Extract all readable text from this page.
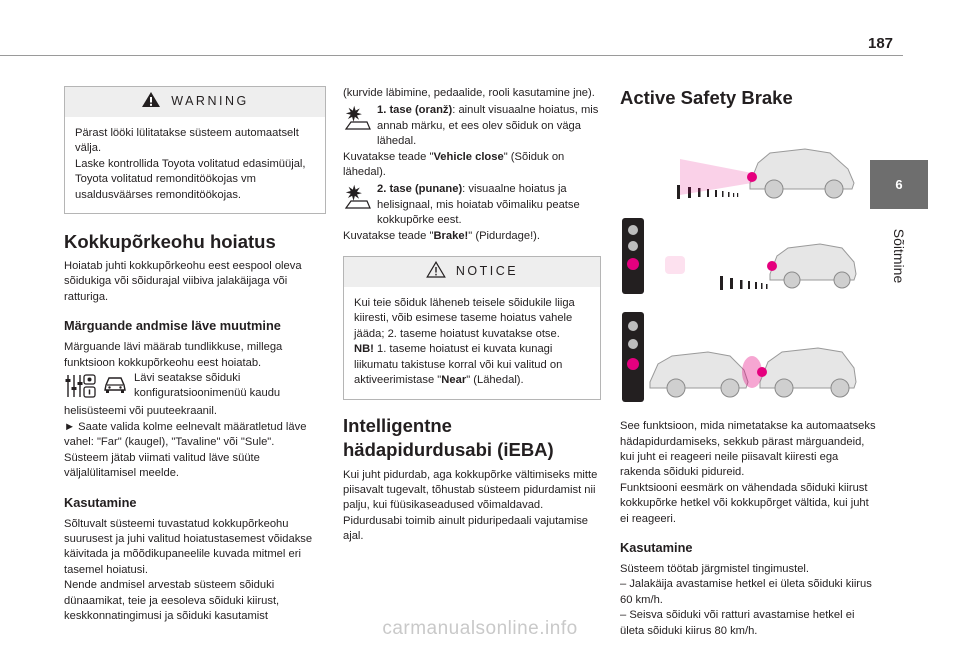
187
6
Sõitmine
WARNING
Pärast lööki lülitatakse süsteem automaatselt välja.
Laske kontrollida Toyota volitatud edasimüüjal, Toyota volitatud remonditöökojas vm usaldusväärses remonditöökojas.
Kokkupõrkeohu hoiatus

Hoiatab juhti kokkupõrkeohu eest eespool oleva sõidukiga või sõidurajal viibiva jalakäijaga või ratturiga.

Märguande andmise läve muutmine

Märguande lävi määrab tundlikkuse, millega funktsioon kokkupõrkeohu eest hoiatab.

Lävi seatakse sõiduki konfiguratsioonimenüü kaudu

helisüsteemi või puuteekraanil.
► Saate valida kolme eelnevalt määratletud läve vahel: "Far" (kaugel), "Tavaline" või "Sule".
Süsteem jätab viimati valitud läve süüte väljalülitamisel meelde.

Kasutamine

Sõltuvalt süsteemi tuvastatud kokkupõrkeohu suurusest ja juhi valitud hoiatustasemest võidakse käivitada ja mõõdikupaneelile kuvada mitmel eri tasemel hoiatusi.
Nende andmisel arvestab süsteem sõiduki dünaamikat, teie ja eesoleva sõiduki kiirust, keskkonnatingimusi ja sõiduki kasutamist

(kurvide läbimine, pedaalide, rooli kasutamine jne).

1. tase (oranž): ainult visuaalne hoiatus, mis annab märku, et ees olev sõiduk on väga lähedal.

Kuvatakse teade "Vehicle close" (Sõiduk on lähedal).

2. tase (punane): visuaalne hoiatus ja helisignaal, mis hoiatab võimaliku peatse kokkupõrke eest.

Kuvatakse teade "Brake!" (Pidurdage!).

NOTICE

Kui teie sõiduk läheneb teisele sõidukile liiga kiiresti, võib esimese taseme hoiatus vahele jääda; 2. taseme hoiatust kuvatakse otse.

NB! 1. taseme hoiatust ei kuvata kunagi liikumatu takistuse korral või kui valitud on aktiveerimistase "Near" (Lähedal).

Intelligentne hädapidurdusabi (iEBA)

Kui juht pidurdab, aga kokkupõrke vältimiseks mitte piisavalt tugevalt, tõhustab süsteem pidurdamist nii palju, kui füüsikaseadused võimaldavad.
Pidurdusabi toimib ainult piduripedaali vajutamise ajal.

Active Safety Brake

See funktsioon, mida nimetatakse ka automaatseks hädapidurdamiseks, sekkub pärast märguandeid, kui juht ei reageeri neile piisavalt kiiresti ega rakenda sõiduki pidureid.
Funktsiooni eesmärk on vähendada sõiduki kiirust kokkupõrke hetkel või kokkupõrget vältida, kui juht ei reageeri.

Kasutamine

Süsteem töötab järgmistel tingimustel.
– Jalakäija avastamise hetkel ei ületa sõiduki kiirus 60 km/h.
– Seisva sõiduki või ratturi avastamise hetkel ei ületa sõiduki kiirus 80 km/h.

carmanualsonline.info
